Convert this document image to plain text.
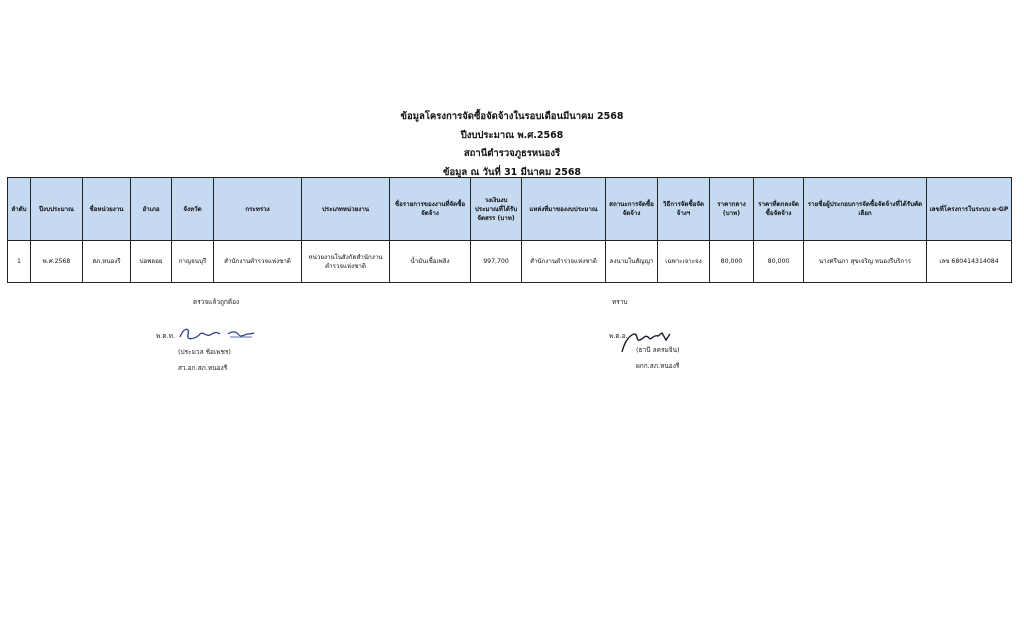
ข้อมูลโครงการจัดซื้อจัดจ้างในรอบเดือนมีนาคม 2568
ปีงบประมาณ พ.ศ.2568
สถานีตำรวจภูธรหนองรี
ข้อมูล ณ วันที่ 31 มีนาคม 2568
ลำดับ	ปีงบประมาณ	ชื่อหน่วยงาน	อำเภอ	จังหวัด	กระทรวง	ประเภทหน่วยงาน	ชื่อรายการของงานที่จัดซื้อจัดจ้าง	วงเงินงบประมาณที่ได้รับจัดสรร (บาท)	แหล่งที่มาของงบประมาณ	สถานะการจัดซื้อจัดจ้าง	วิธีการจัดซื้อจัดจ้างฯ	ราคากลาง (บาท)	ราคาที่ตกลงจัดซื้อจัดจ้าง	รายชื่อผู้ประกอบการจัดซื้อจัดจ้างที่ได้รับคัดเลือก	เลขที่โครงการในระบบ e-GP
1	พ.ศ.2568	สภ.หนองรี	บ่อพลอย	กาญจนบุรี	สำนักงานตำรวจแห่งชาติ	หน่วยงานในสังกัดสำนักงานตำรวจแห่งชาติ	น้ำมันเชื้อเพลิง	997,700	สำนักงานตำรวจแห่งชาติ	ลงนามในสัญญา	เฉพาะเจาะจง	80,000	80,000	นางศรีนภา สุขเจริญ หนองรีบริการ	เลข 680414314084
ตรวจแล้วถูกต้อง
พ.ต.ท.
(ประมวล ช้อเพชร)
สว.อก.สภ.หนองรี
ทราบ
พ.ต.อ.
(ธานี ลครมจิน)
ผกก.สภ.หนองรี
